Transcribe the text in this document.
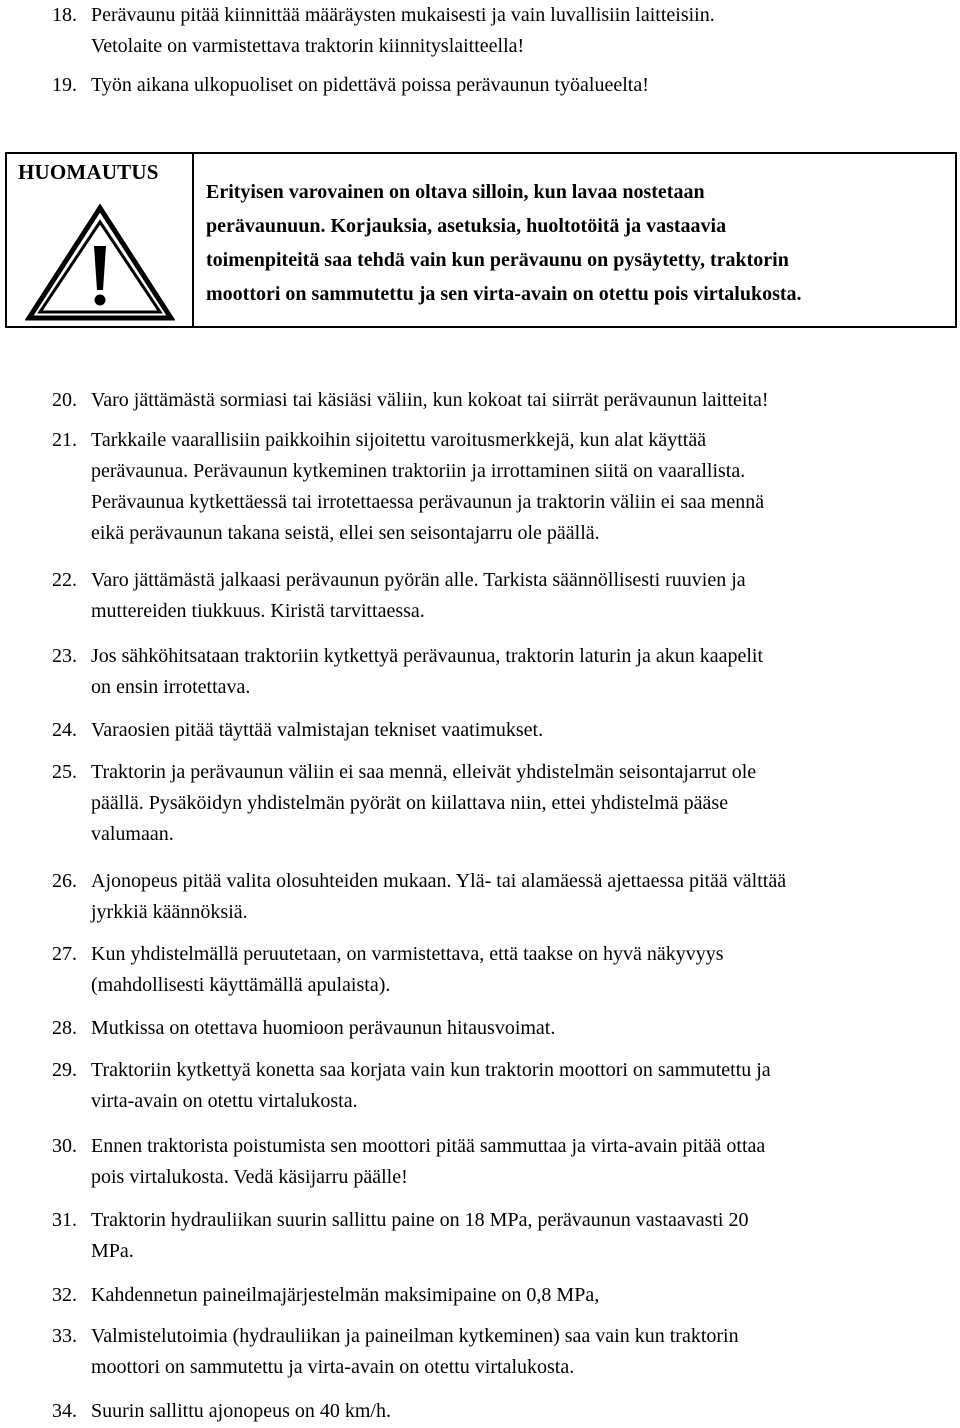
18. Perävaunu pitää kiinnittää määräysten mukaisesti ja vain luvallisiin laitteisiin.
Vetolaite on varmistettava traktorin kiinnityslaitteella!
19. Työn aikana ulkopuoliset on pidettävä poissa perävaunun työalueelta!
HUOMAUTUS
Erityisen varovainen on oltava silloin, kun lavaa nostetaan
perävaunuun. Korjauksia, asetuksia, huoltotöitä ja vastaavia
toimenpiteitä saa tehdä vain kun perävaunu on pysäytetty, traktorin
moottori on sammutettu ja sen virta-avain on otettu pois virtalukosta.
20. Varo jättämästä sormiasi tai käsiäsi väliin, kun kokoat tai siirrät perävaunun laitteita!
21. Tarkkaile vaarallisiin paikkoihin sijoitettu varoitusmerkkejä, kun alat käyttää
perävaunua. Perävaunun kytkeminen traktoriin ja irrottaminen siitä on vaarallista.
Perävaunua kytkettäessä tai irrotettaessa perävaunun ja traktorin väliin ei saa mennä
eikä perävaunun takana seistä, ellei sen seisontajarru ole päällä.
22. Varo jättämästä jalkaasi perävaunun pyörän alle. Tarkista säännöllisesti ruuvien ja
muttereiden tiukkuus. Kiristä tarvittaessa.
23. Jos sähköhitsataan traktoriin kytkettyä perävaunua, traktorin laturin ja akun kaapelit
on ensin irrotettava.
24. Varaosien pitää täyttää valmistajan tekniset vaatimukset.
25. Traktorin ja perävaunun väliin ei saa mennä, elleivät yhdistelmän seisontajarrut ole
päällä. Pysäköidyn yhdistelmän pyörät on kiilattava niin, ettei yhdistelmä pääse
valumaan.
26. Ajonopeus pitää valita olosuhteiden mukaan. Ylä- tai alamäessä ajettaessa pitää välttää
jyrkkiä käännöksiä.
27. Kun yhdistelmällä peruutetaan, on varmistettava, että taakse on hyvä näkyvyys
(mahdollisesti käyttämällä apulaista).
28. Mutkissa on otettava huomioon perävaunun hitausvoimat.
29. Traktoriin kytkettyä konetta saa korjata vain kun traktorin moottori on sammutettu ja
virta-avain on otettu virtalukosta.
30. Ennen traktorista poistumista sen moottori pitää sammuttaa ja virta-avain pitää ottaa
pois virtalukosta. Vedä käsijarru päälle!
31. Traktorin hydrauliikan suurin sallittu paine on 18 MPa, perävaunun vastaavasti 20
MPa.
32. Kahdennetun paineilmajärjestelmän maksimipaine on 0,8 MPa,
33. Valmistelutoimia (hydrauliikan ja paineilman kytkeminen) saa vain kun traktorin
moottori on sammutettu ja virta-avain on otettu virtalukosta.
34. Suurin sallittu ajonopeus on 40 km/h.
